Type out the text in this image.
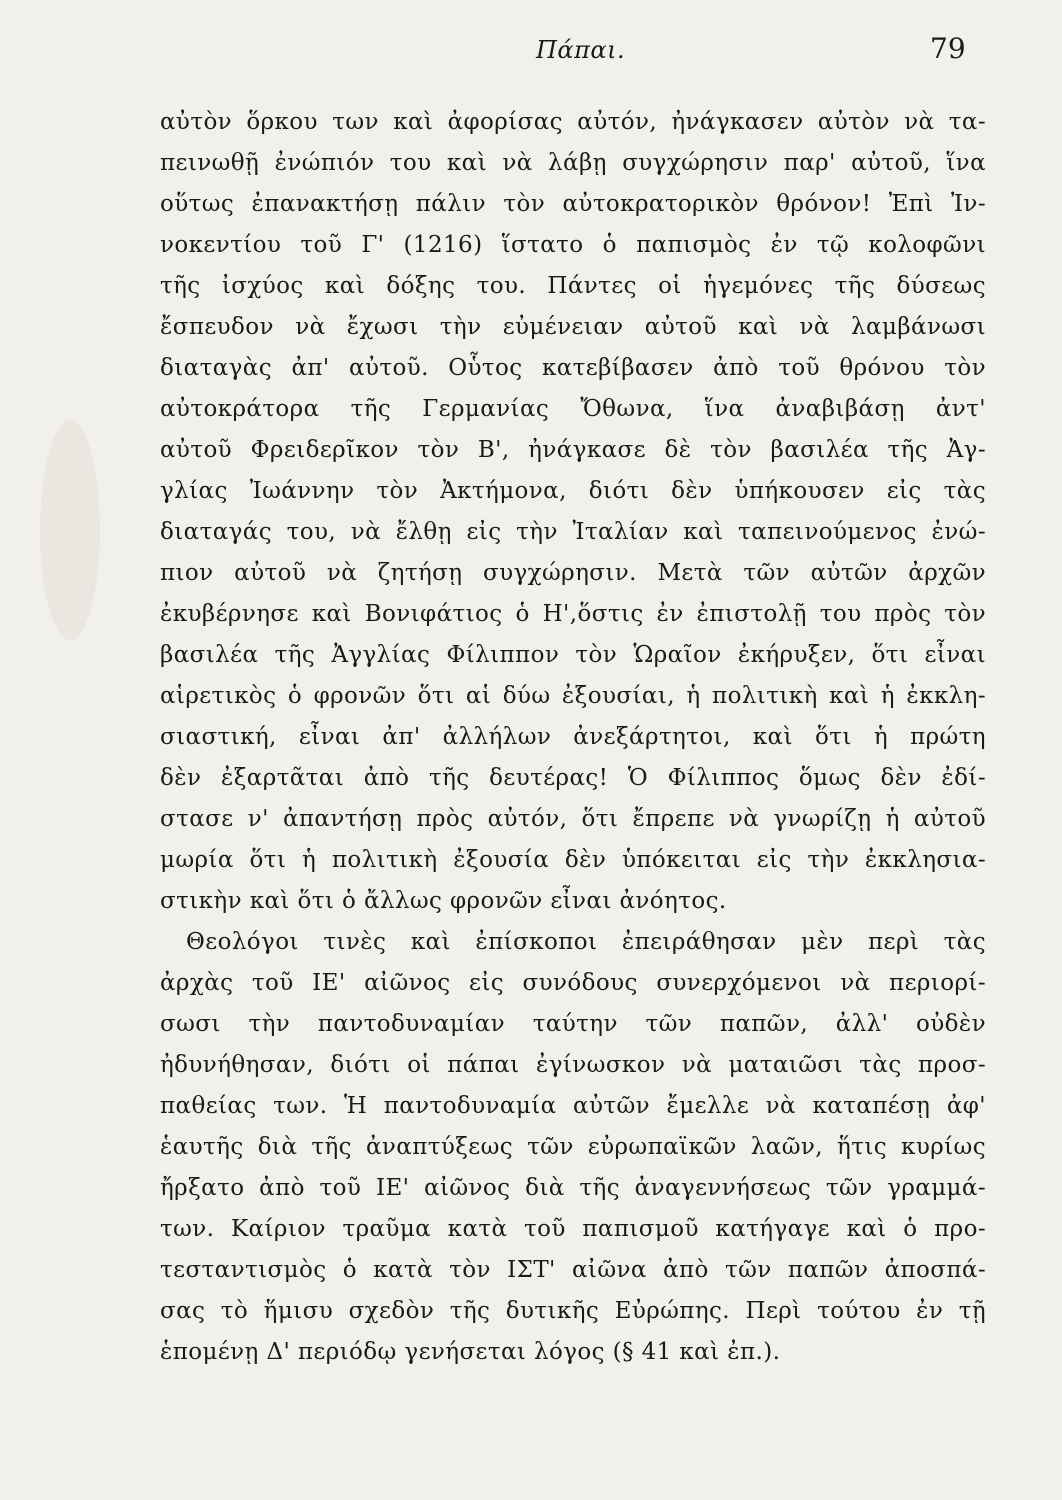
Πάπαι.	79
αὐτὸν ὅρκου των καὶ ἀφορίσας αὐτόν, ἠνάγκασεν αὐτὸν νὰ τα-
πεινωθῇ ἐνώπιόν του καὶ νὰ λάβῃ συγχώρησιν παρ' αὐτοῦ, ἵνα
οὕτως ἐπανακτήσῃ πάλιν τὸν αὐτοκρατορικὸν θρόνον! Ἐπὶ Ἰν-
νοκεντίου τοῦ Γ' (1216) ἵστατο ὁ παπισμὸς ἐν τῷ κολοφῶνι
τῆς ἰσχύος καὶ δόξης του. Πάντες οἱ ἡγεμόνες τῆς δύσεως
ἔσπευδον νὰ ἔχωσι τὴν εὐμένειαν αὐτοῦ καὶ νὰ λαμβάνωσι
διαταγὰς ἀπ' αὐτοῦ. Οὗτος κατεβίβασεν ἀπὸ τοῦ θρόνου τὸν
αὐτοκράτορα τῆς Γερμανίας Ὄθωνα, ἵνα ἀναβιβάσῃ ἀντ'
αὐτοῦ Φρειδερῖκον τὸν Β', ἠνάγκασε δὲ τὸν βασιλέα τῆς Ἀγ-
γλίας Ἰωάννην τὸν Ἀκτήμονα, διότι δὲν ὑπήκουσεν εἰς τὰς
διαταγάς του, νὰ ἔλθῃ εἰς τὴν Ἰταλίαν καὶ ταπεινούμενος ἐνώ-
πιον αὐτοῦ νὰ ζητήσῃ συγχώρησιν. Μετὰ τῶν αὐτῶν ἀρχῶν
ἐκυβέρνησε καὶ Βονιφάτιος ὁ Η',ὅστις ἐν ἐπιστολῇ του πρὸς τὸν
βασιλέα τῆς Ἀγγλίας Φίλιππον τὸν Ὡραῖον ἐκήρυξεν, ὅτι εἶναι
αἱρετικὸς ὁ φρονῶν ὅτι αἱ δύω ἐξουσίαι, ἡ πολιτικὴ καὶ ἡ ἐκκλη-
σιαστική, εἶναι ἀπ' ἀλλήλων ἀνεξάρτητοι, καὶ ὅτι ἡ πρώτη
δὲν ἐξαρτᾶται ἀπὸ τῆς δευτέρας! Ὁ Φίλιππος ὅμως δὲν ἐδί-
στασε ν' ἀπαντήσῃ πρὸς αὐτόν, ὅτι ἔπρεπε νὰ γνωρίζῃ ἡ αὐτοῦ
μωρία ὅτι ἡ πολιτικὴ ἐξουσία δὲν ὑπόκειται εἰς τὴν ἐκκλησια-
στικὴν καὶ ὅτι ὁ ἄλλως φρονῶν εἶναι ἀνόητος.
Θεολόγοι τινὲς καὶ ἐπίσκοποι ἐπειράθησαν μὲν περὶ τὰς
ἀρχὰς τοῦ ΙΕ' αἰῶνος εἰς συνόδους συνερχόμενοι νὰ περιορί-
σωσι τὴν παντοδυναμίαν ταύτην τῶν παπῶν, ἀλλ' οὐδὲν
ἠδυνήθησαν, διότι οἱ πάπαι ἐγίνωσκον νὰ ματαιῶσι τὰς προσ-
παθείας των. Ἡ παντοδυναμία αὐτῶν ἔμελλε νὰ καταπέσῃ ἀφ'
ἑαυτῆς διὰ τῆς ἀναπτύξεως τῶν εὐρωπαϊκῶν λαῶν, ἥτις κυρίως
ἤρξατο ἀπὸ τοῦ ΙΕ' αἰῶνος διὰ τῆς ἀναγεννήσεως τῶν γραμμά-
των. Καίριον τραῦμα κατὰ τοῦ παπισμοῦ κατήγαγε καὶ ὁ προ-
τεσταντισμὸς ὁ κατὰ τὸν ΙΣΤ' αἰῶνα ἀπὸ τῶν παπῶν ἀποσπά-
σας τὸ ἥμισυ σχεδὸν τῆς δυτικῆς Εὐρώπης. Περὶ τούτου ἐν τῇ
ἑπομένῃ Δ' περιόδῳ γενήσεται λόγος (§ 41 καὶ ἐπ.).
